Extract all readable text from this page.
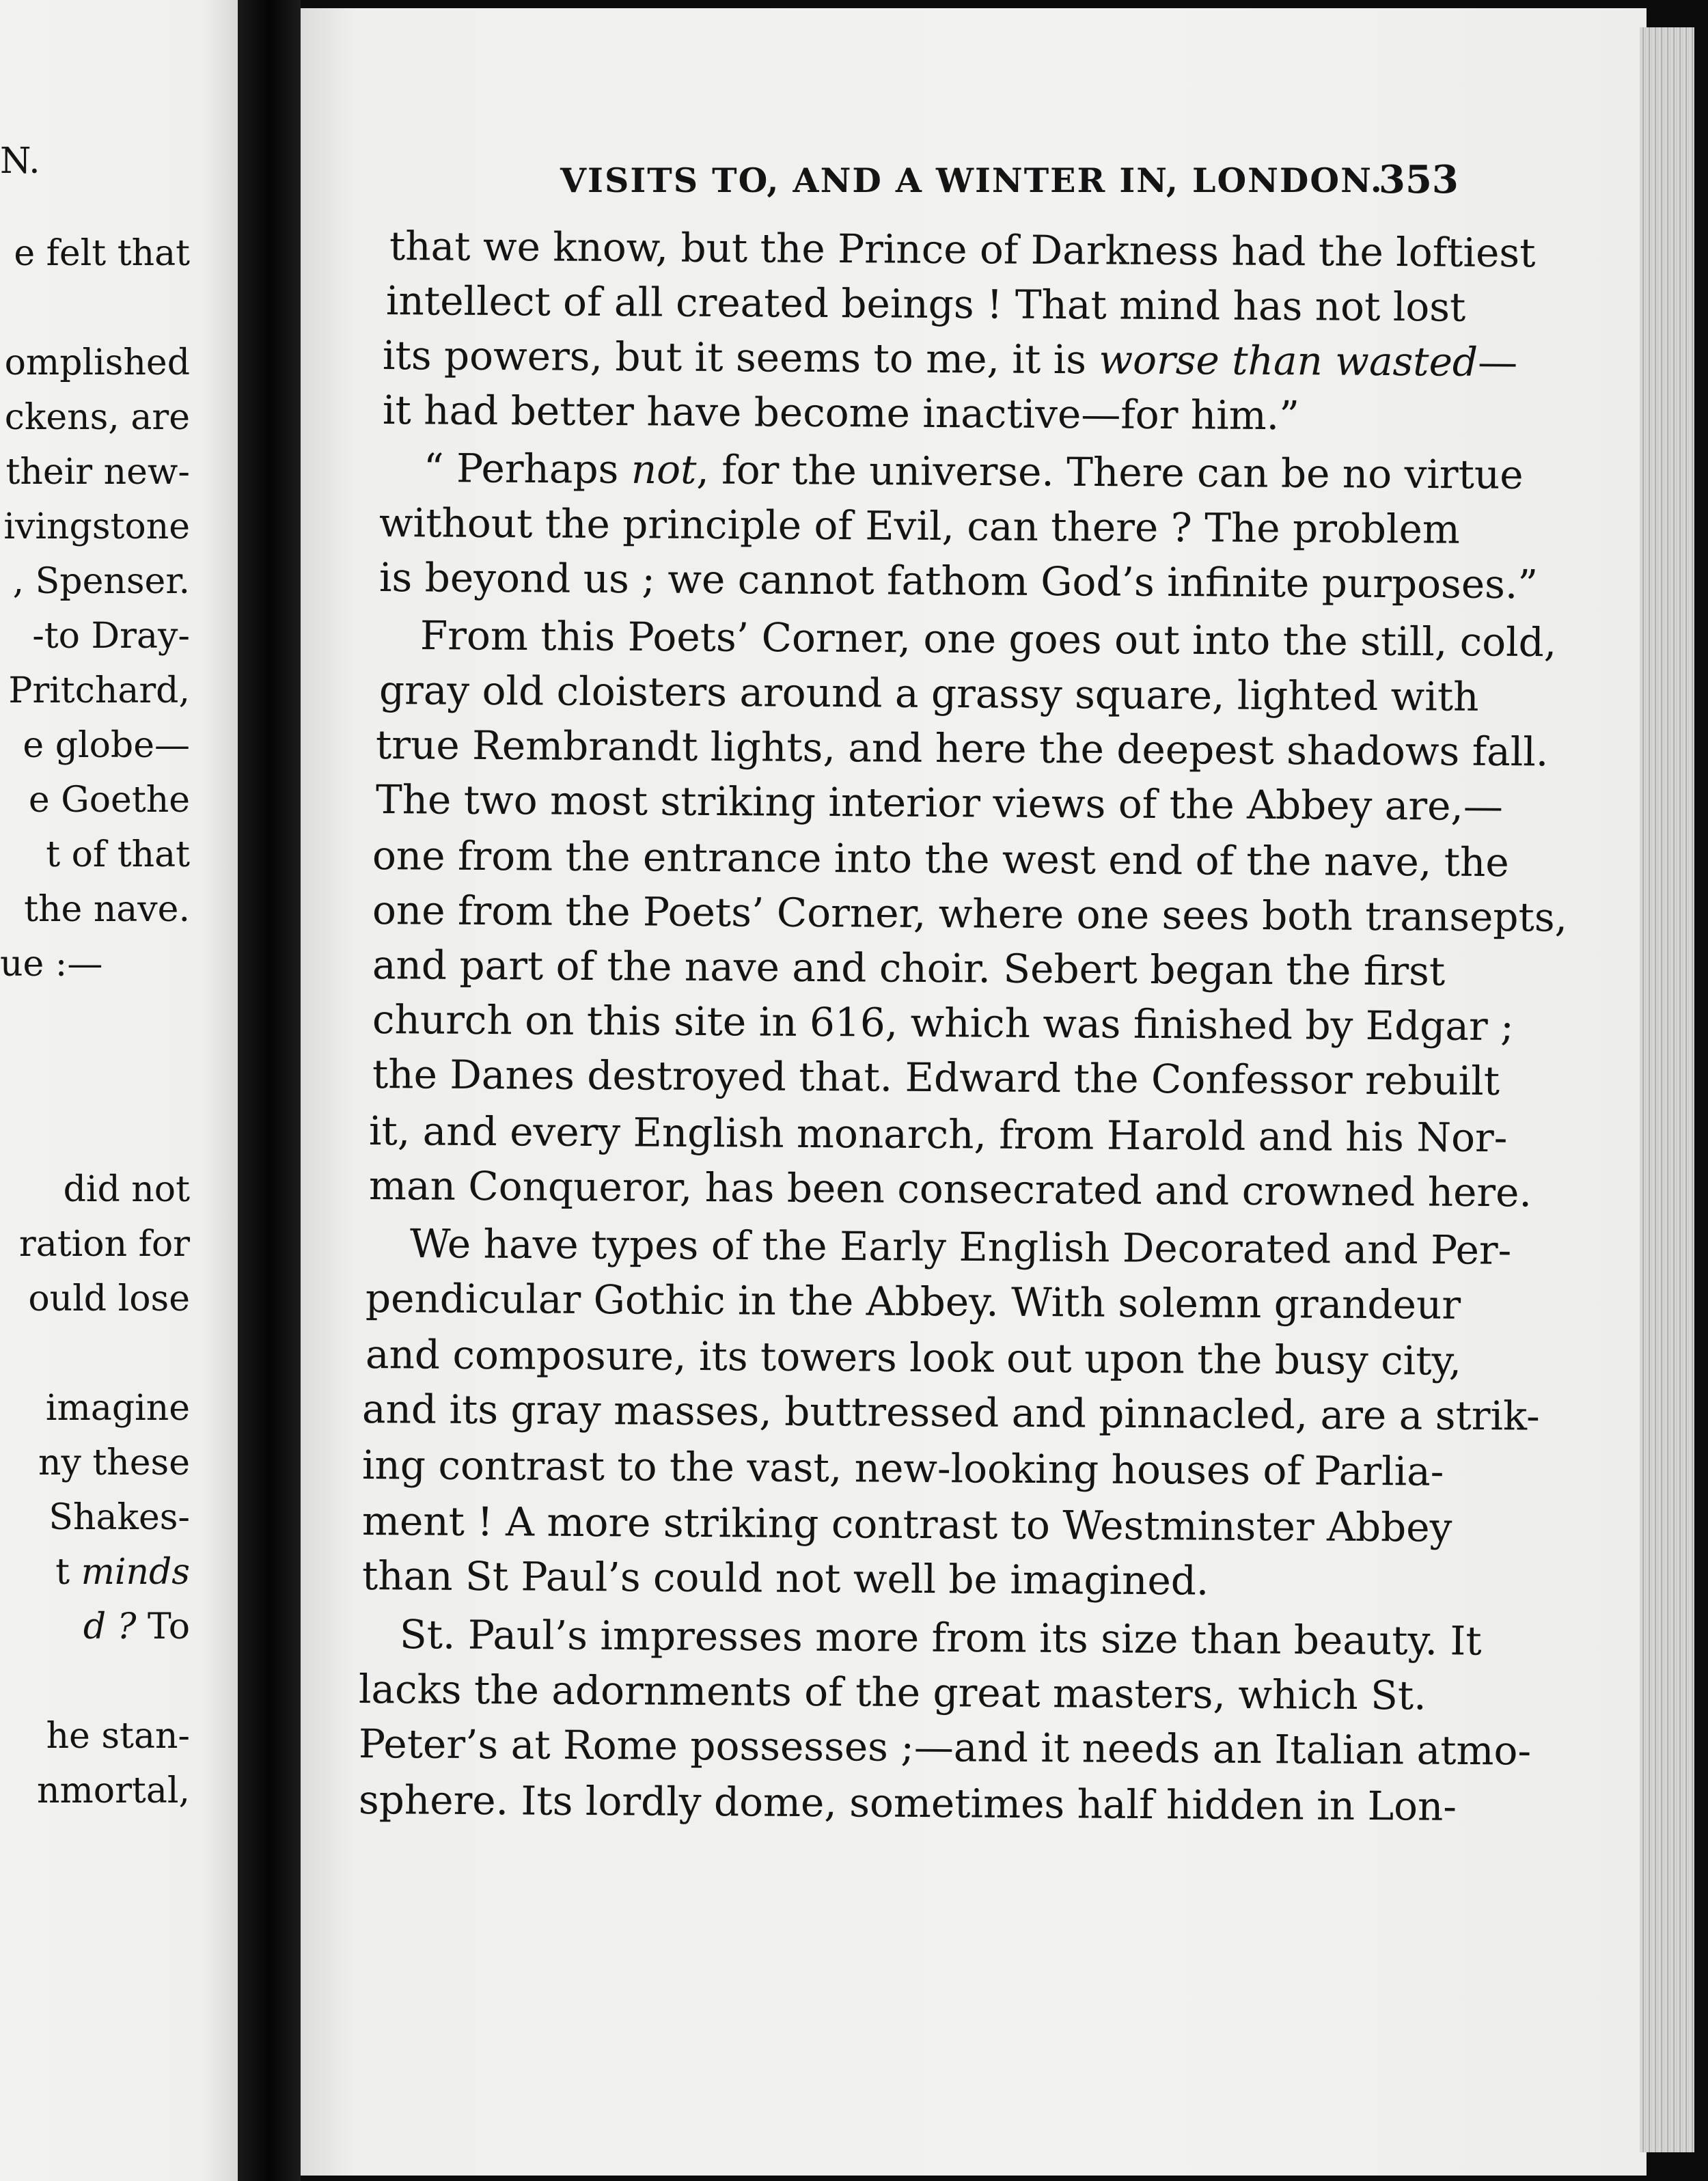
N.
e felt that
omplished
ckens, are
their new-
ivingstone
, Spenser.
-to Dray-
Pritchard,
e globe—
e Goethe
t of that
the nave.
ue :—
did not
ration for
ould lose
imagine
ny these
Shakes-
t minds
d ? To
he stan-
nmortal,
VISITS TO, AND A WINTER IN, LONDON.
353
that we know, but the Prince of Darkness had the loftiest
intellect of all created beings ! That mind has not lost
its powers, but it seems to me, it is worse than wasted
it had better have become inactive—for him.”
“ Perhaps not, for the universe. There can be no virtue
without the principle of Evil, can there ? The problem
is beyond us ; we cannot fathom God’s infinite purposes.”
From this Poets’ Corner, one goes out into the still, cold,
gray old cloisters around a grassy square, lighted with
true Rembrandt lights, and here the deepest shadows fall.
The two most striking interior views of the Abbey are,—
one from the entrance into the west end of the nave, the
one from the Poets’ Corner, where one sees both transepts,
and part of the nave and choir. Sebert began the first
church on this site in 616, which was finished by Edgar ;
the Danes destroyed that. Edward the Confessor rebuilt
it, and every English monarch, from Harold and his Nor-
man Conqueror, has been consecrated and crowned here.
We have types of the Early English Decorated and Per-
pendicular Gothic in the Abbey. With solemn grandeur
and composure, its towers look out upon the busy city,
and its gray masses, buttressed and pinnacled, are a strik-
ing contrast to the vast, new-looking houses of Parlia-
ment ! A more striking contrast to Westminster Abbey
than St Paul’s could not well be imagined.
St. Paul’s impresses more from its size than beauty. It
lacks the adornments of the great masters, which St.
Peter’s at Rome possesses ;—and it needs an Italian atmo-
sphere. Its lordly dome, sometimes half hidden in Lon-
